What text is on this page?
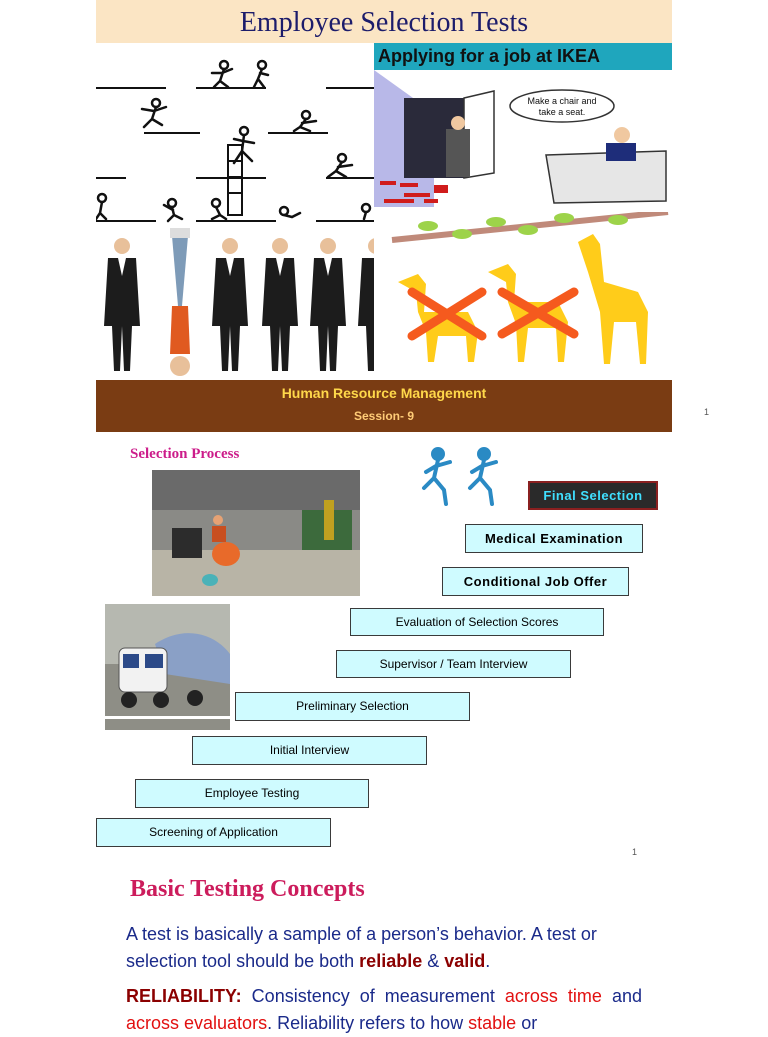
Employee Selection Tests
Applying for a job at IKEA
Make a chair and
take a seat.
Human Resource Management
Session- 9	1
Selection Process
Final Selection
Medical Examination
Conditional Job Offer
Evaluation of Selection Scores
Supervisor / Team Interview
Preliminary Selection
Initial Interview
Employee Testing
Screening of Application
1
Basic Testing Concepts
A test is basically a sample of a person’s behavior. A test or selection tool should be both reliable & valid.
RELIABILITY: Consistency of measurement across time and across evaluators. Reliability refers to how stable or
